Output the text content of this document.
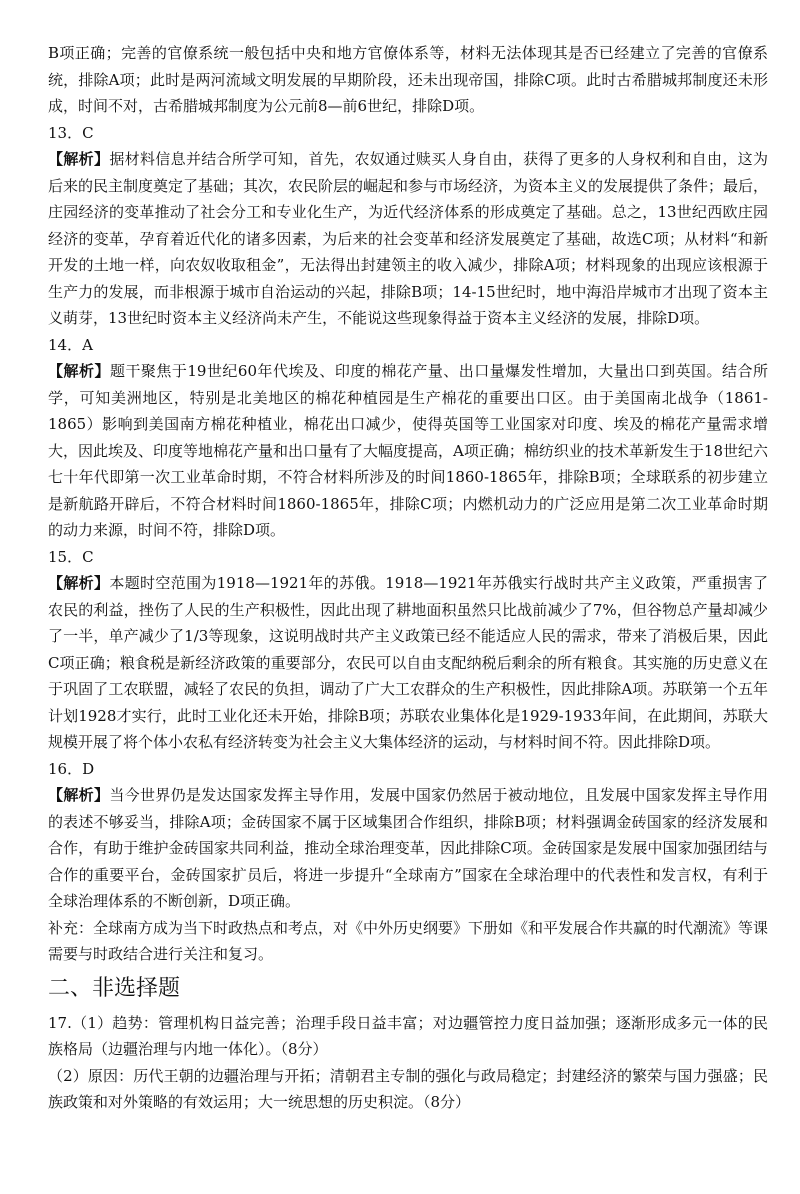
B项正确；完善的官僚系统一般包括中央和地方官僚体系等，材料无法体现其是否已经建立了完善的官僚系统，排除A项；此时是两河流域文明发展的早期阶段，还未出现帝国，排除C项。此时古希腊城邦制度还未形成，时间不对，古希腊城邦制度为公元前8—前6世纪，排除D项。

13．C

【解析】据材料信息并结合所学可知，首先，农奴通过赎买人身自由，获得了更多的人身权利和自由，这为后来的民主制度奠定了基础；其次，农民阶层的崛起和参与市场经济，为资本主义的发展提供了条件；最后，庄园经济的变革推动了社会分工和专业化生产，为近代经济体系的形成奠定了基础。总之，13世纪西欧庄园经济的变革，孕育着近代化的诸多因素，为后来的社会变革和经济发展奠定了基础，故选C项；从材料“和新开发的土地一样，向农奴收取租金”，无法得出封建领主的收入减少，排除A项；材料现象的出现应该根源于生产力的发展，而非根源于城市自治运动的兴起，排除B项；14-15世纪时，地中海沿岸城市才出现了资本主义萌芽，13世纪时资本主义经济尚未产生，不能说这些现象得益于资本主义经济的发展，排除D项。

14．A

【解析】题干聚焦于19世纪60年代埃及、印度的棉花产量、出口量爆发性增加，大量出口到英国。结合所学，可知美洲地区，特别是北美地区的棉花种植园是生产棉花的重要出口区。由于美国南北战争（1861-1865）影响到美国南方棉花种植业，棉花出口减少，使得英国等工业国家对印度、埃及的棉花产量需求增大，因此埃及、印度等地棉花产量和出口量有了大幅度提高，A项正确；棉纺织业的技术革新发生于18世纪六七十年代即第一次工业革命时期，不符合材料所涉及的时间1860-1865年，排除B项；全球联系的初步建立是新航路开辟后，不符合材料时间1860-1865年，排除C项；内燃机动力的广泛应用是第二次工业革命时期的动力来源，时间不符，排除D项。

15．C

【解析】本题时空范围为1918—1921年的苏俄。1918—1921年苏俄实行战时共产主义政策，严重损害了农民的利益，挫伤了人民的生产积极性，因此出现了耕地面积虽然只比战前减少了7%，但谷物总产量却减少了一半，单产减少了1/3等现象，这说明战时共产主义政策已经不能适应人民的需求，带来了消极后果，因此C项正确；粮食税是新经济政策的重要部分，农民可以自由支配纳税后剩余的所有粮食。其实施的历史意义在于巩固了工农联盟，减轻了农民的负担，调动了广大工农群众的生产积极性，因此排除A项。苏联第一个五年计划1928才实行，此时工业化还未开始，排除B项；苏联农业集体化是1929-1933年间，在此期间，苏联大规模开展了将个体小农私有经济转变为社会主义大集体经济的运动，与材料时间不符。因此排除D项。

16．D

【解析】当今世界仍是发达国家发挥主导作用，发展中国家仍然居于被动地位，且发展中国家发挥主导作用的表述不够妥当，排除A项；金砖国家不属于区域集团合作组织，排除B项；材料强调金砖国家的经济发展和合作，有助于维护金砖国家共同利益，推动全球治理变革，因此排除C项。金砖国家是发展中国家加强团结与合作的重要平台，金砖国家扩员后，将进一步提升“全球南方”国家在全球治理中的代表性和发言权，有利于全球治理体系的不断创新，D项正确。

补充：全球南方成为当下时政热点和考点，对《中外历史纲要》下册如《和平发展合作共赢的时代潮流》等课需要与时政结合进行关注和复习。

二、非选择题

17.（1）趋势：管理机构日益完善；治理手段日益丰富；对边疆管控力度日益加强；逐渐形成多元一体的民族格局（边疆治理与内地一体化）。（8分）

（2）原因：历代王朝的边疆治理与开拓；清朝君主专制的强化与政局稳定；封建经济的繁荣与国力强盛；民族政策和对外策略的有效运用；大一统思想的历史积淀。（8分）
